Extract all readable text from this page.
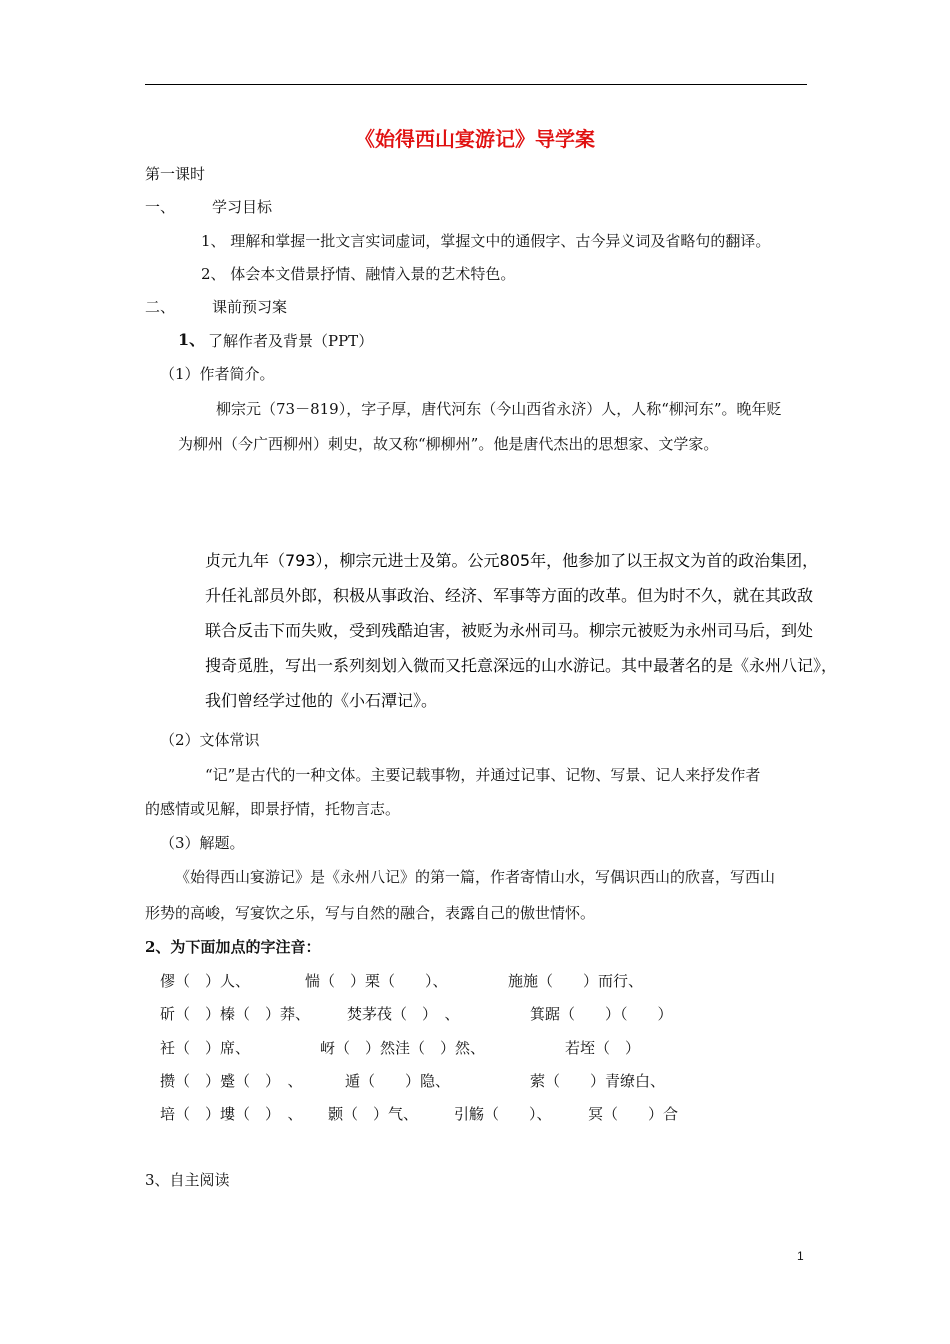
《始得西山宴游记》导学案
第一课时
一、 学习目标
1、 理解和掌握一批文言实词虚词，掌握文中的通假字、古今异义词及省略句的翻译。
2、 体会本文借景抒情、融情入景的艺术特色。
二、 课前预习案
1、 了解作者及背景（PPT）
（1）作者简介。
柳宗元（73－819），字子厚，唐代河东（今山西省永济）人，人称“柳河东”。晚年贬
为柳州（今广西柳州）刺史，故又称“柳柳州”。他是唐代杰出的思想家、文学家。
贞元九年（793），柳宗元进士及第。公元805年，他参加了以王叔文为首的政治集团，
升任礼部员外郎，积极从事政治、经济、军事等方面的改革。但为时不久，就在其政敌
联合反击下而失败，受到残酷迫害，被贬为永州司马。柳宗元被贬为永州司马后，到处
搜奇觅胜，写出一系列刻划入微而又托意深远的山水游记。其中最著名的是《永州八记》，
我们曾经学过他的《小石潭记》。
（2）文体常识
“记”是古代的一种文体。主要记载事物，并通过记事、记物、写景、记人来抒发作者
的感情或见解，即景抒情，托物言志。
（3）解题。
《始得西山宴游记》是《永州八记》的第一篇，作者寄情山水，写偶识西山的欣喜，写西山
形势的高峻，写宴饮之乐，写与自然的融合，表露自己的傲世情怀。
2、为下面加点的字注音：
僇（　）人、	惴（　）栗（　　）、	施施（　　）而行、
斫（　）榛（　）莽、 焚茅茷（　）　、	箕踞（　　）（　　）
衽（　）席、	岈（　）然洼（　）然、	若垤（　）
攒（　）蹙（　）　、	遁（　　）隐、	萦（　　）青缭白、
培（　）塿（　）　、 颢（　）气、 引觞（　　）、 冥（　　）合
3、自主阅读
1
